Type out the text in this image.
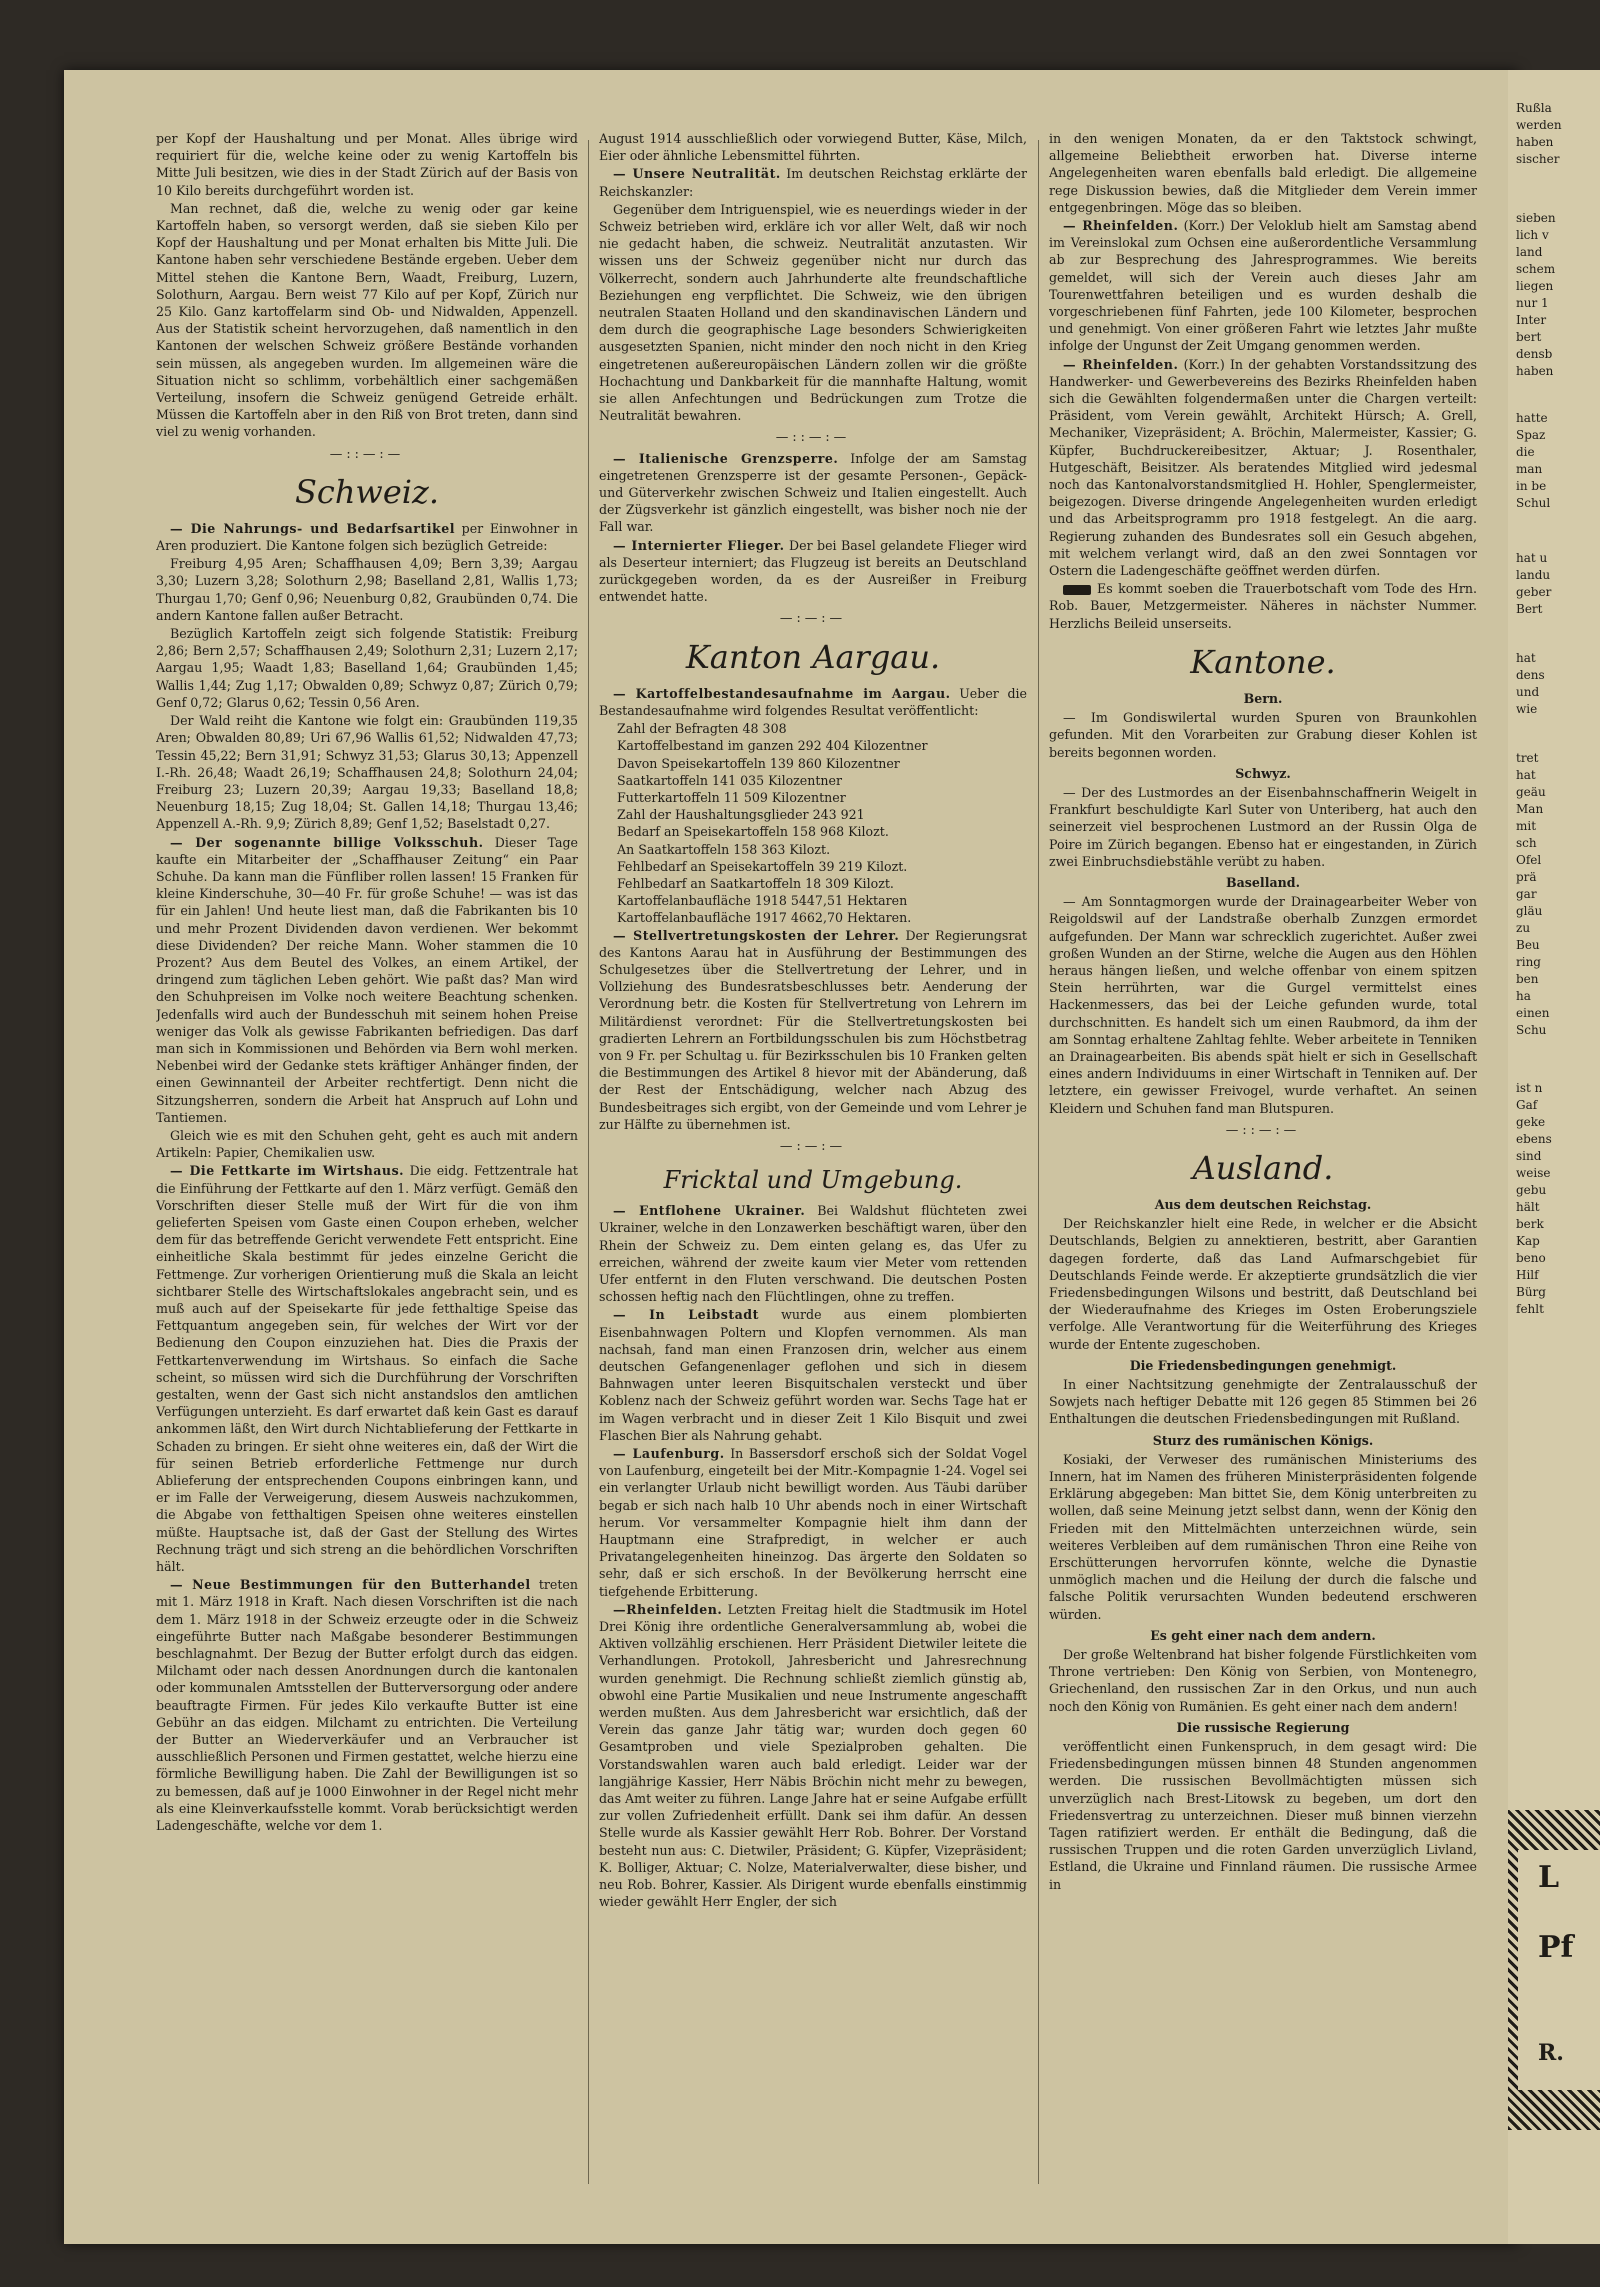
per Kopf der Haushaltung und per Monat. Alles übrige wird requiriert für die, welche keine oder zu wenig Kartoffeln bis Mitte Juli besitzen, wie dies in der Stadt Zürich auf der Basis von 10 Kilo bereits durchgeführt worden ist.

Man rechnet, daß die, welche zu wenig oder gar keine Kartoffeln haben, so versorgt werden, daß sie sieben Kilo per Kopf der Haushaltung und per Monat erhalten bis Mitte Juli. Die Kantone haben sehr verschiedene Bestände ergeben. Ueber dem Mittel stehen die Kantone Bern, Waadt, Freiburg, Luzern, Solothurn, Aargau. Bern weist 77 Kilo auf per Kopf, Zürich nur 25 Kilo. Ganz kartoffelarm sind Ob- und Nidwalden, Appenzell. Aus der Statistik scheint hervorzugehen, daß namentlich in den Kantonen der welschen Schweiz größere Bestände vorhanden sein müssen, als angegeben wurden. Im allgemeinen wäre die Situation nicht so schlimm, vorbehältlich einer sachgemäßen Verteilung, insofern die Schweiz genügend Getreide erhält. Müssen die Kartoffeln aber in den Riß von Brot treten, dann sind viel zu wenig vorhanden.

—::—:—
Schweiz.

— Die Nahrungs- und Bedarfsartikel per Einwohner in Aren produziert. Die Kantone folgen sich bezüglich Getreide:

Freiburg 4,95 Aren; Schaffhausen 4,09; Bern 3,39; Aargau 3,30; Luzern 3,28; Solothurn 2,98; Baselland 2,81, Wallis 1,73; Thurgau 1,70; Genf 0,96; Neuenburg 0,82, Graubünden 0,74. Die andern Kantone fallen außer Betracht.

Bezüglich Kartoffeln zeigt sich folgende Statistik: Freiburg 2,86; Bern 2,57; Schaffhausen 2,49; Solothurn 2,31; Luzern 2,17; Aargau 1,95; Waadt 1,83; Baselland 1,64; Graubünden 1,45; Wallis 1,44; Zug 1,17; Obwalden 0,89; Schwyz 0,87; Zürich 0,79; Genf 0,72; Glarus 0,62; Tessin 0,56 Aren.

Der Wald reiht die Kantone wie folgt ein: Graubünden 119,35 Aren; Obwalden 80,89; Uri 67,96 Wallis 61,52; Nidwalden 47,73; Tessin 45,22; Bern 31,91; Schwyz 31,53; Glarus 30,13; Appenzell I.-Rh. 26,48; Waadt 26,19; Schaffhausen 24,8; Solothurn 24,04; Freiburg 23; Luzern 20,39; Aargau 19,33; Baselland 18,8; Neuenburg 18,15; Zug 18,04; St. Gallen 14,18; Thurgau 13,46; Appenzell A.-Rh. 9,9; Zürich 8,89; Genf 1,52; Baselstadt 0,27.

— Der sogenannte billige Volksschuh. Dieser Tage kaufte ein Mitarbeiter der „Schaffhauser Zeitung“ ein Paar Schuhe. Da kann man die Fünfliber rollen lassen! 15 Franken für kleine Kinderschuhe, 30—40 Fr. für große Schuhe! — was ist das für ein Jahlen! Und heute liest man, daß die Fabrikanten bis 10 und mehr Prozent Dividenden davon verdienen. Wer bekommt diese Dividenden? Der reiche Mann. Woher stammen die 10 Prozent? Aus dem Beutel des Volkes, an einem Artikel, der dringend zum täglichen Leben gehört. Wie paßt das? Man wird den Schuhpreisen im Volke noch weitere Beachtung schenken. Jedenfalls wird auch der Bundesschuh mit seinem hohen Preise weniger das Volk als gewisse Fabrikanten befriedigen. Das darf man sich in Kommissionen und Behörden via Bern wohl merken. Nebenbei wird der Gedanke stets kräftiger Anhänger finden, der einen Gewinnanteil der Arbeiter rechtfertigt. Denn nicht die Sitzungsherren, sondern die Arbeit hat Anspruch auf Lohn und Tantiemen.

Gleich wie es mit den Schuhen geht, geht es auch mit andern Artikeln: Papier, Chemikalien usw.

— Die Fettkarte im Wirtshaus. Die eidg. Fettzentrale hat die Einführung der Fettkarte auf den 1. März verfügt. Gemäß den Vorschriften dieser Stelle muß der Wirt für die von ihm gelieferten Speisen vom Gaste einen Coupon erheben, welcher dem für das betreffende Gericht verwendete Fett entspricht. Eine einheitliche Skala bestimmt für jedes einzelne Gericht die Fettmenge. Zur vorherigen Orientierung muß die Skala an leicht sichtbarer Stelle des Wirtschaftslokales angebracht sein, und es muß auch auf der Speisekarte für jede fetthaltige Speise das Fettquantum angegeben sein, für welches der Wirt vor der Bedienung den Coupon einzuziehen hat. Dies die Praxis der Fettkartenverwendung im Wirtshaus. So einfach die Sache scheint, so müssen wird sich die Durchführung der Vorschriften gestalten, wenn der Gast sich nicht anstandslos den amtlichen Verfügungen unterzieht. Es darf erwartet daß kein Gast es darauf ankommen läßt, den Wirt durch Nichtablieferung der Fettkarte in Schaden zu bringen. Er sieht ohne weiteres ein, daß der Wirt die für seinen Betrieb erforderliche Fettmenge nur durch Ablieferung der entsprechenden Coupons einbringen kann, und er im Falle der Verweigerung, diesem Ausweis nachzukommen, die Abgabe von fetthaltigen Speisen ohne weiteres einstellen müßte. Hauptsache ist, daß der Gast der Stellung des Wirtes Rechnung trägt und sich streng an die behördlichen Vorschriften hält.

— Neue Bestimmungen für den Butterhandel treten mit 1. März 1918 in Kraft. Nach diesen Vorschriften ist die nach dem 1. März 1918 in der Schweiz erzeugte oder in die Schweiz eingeführte Butter nach Maßgabe besonderer Bestimmungen beschlagnahmt. Der Bezug der Butter erfolgt durch das eidgen. Milchamt oder nach dessen Anordnungen durch die kantonalen oder kommunalen Amtsstellen der Butterversorgung oder andere beauftragte Firmen. Für jedes Kilo verkaufte Butter ist eine Gebühr an das eidgen. Milchamt zu entrichten. Die Verteilung der Butter an Wiederverkäufer und an Verbraucher ist ausschließlich Personen und Firmen gestattet, welche hierzu eine förmliche Bewilligung haben. Die Zahl der Bewilligungen ist so zu bemessen, daß auf je 1000 Einwohner in der Regel nicht mehr als eine Kleinverkaufsstelle kommt. Vorab berücksichtigt werden Ladengeschäfte, welche vor dem 1.

August 1914 ausschließlich oder vorwiegend Butter, Käse, Milch, Eier oder ähnliche Lebensmittel führten.

— Unsere Neutralität. Im deutschen Reichstag erklärte der Reichskanzler:

Gegenüber dem Intriguenspiel, wie es neuerdings wieder in der Schweiz betrieben wird, erkläre ich vor aller Welt, daß wir noch nie gedacht haben, die schweiz. Neutralität anzutasten. Wir wissen uns der Schweiz gegenüber nicht nur durch das Völkerrecht, sondern auch Jahrhunderte alte freundschaftliche Beziehungen eng verpflichtet. Die Schweiz, wie den übrigen neutralen Staaten Holland und den skandinavischen Ländern und dem durch die geographische Lage besonders Schwierigkeiten ausgesetzten Spanien, nicht minder den noch nicht in den Krieg eingetretenen außereuropäischen Ländern zollen wir die größte Hochachtung und Dankbarkeit für die mannhafte Haltung, womit sie allen Anfechtungen und Bedrückungen zum Trotze die Neutralität bewahren.

—::—:—

— Italienische Grenzsperre. Infolge der am Samstag eingetretenen Grenzsperre ist der gesamte Personen-, Gepäck- und Güterverkehr zwischen Schweiz und Italien eingestellt. Auch der Zügsverkehr ist gänzlich eingestellt, was bisher noch nie der Fall war.

— Internierter Flieger. Der bei Basel gelandete Flieger wird als Deserteur interniert; das Flugzeug ist bereits an Deutschland zurückgegeben worden, da es der Ausreißer in Freiburg entwendet hatte.

—:—:—
Kanton Aargau.

— Kartoffelbestandesaufnahme im Aargau. Ueber die Bestandesaufnahme wird folgendes Resultat veröffentlicht:

Zahl der Befragten 48 308

Kartoffelbestand im ganzen 292 404 Kilozentner

Davon Speisekartoffeln 139 860 Kilozentner

Saatkartoffeln 141 035 Kilozentner

Futterkartoffeln 11 509 Kilozentner

Zahl der Haushaltungsglieder 243 921

Bedarf an Speisekartoffeln 158 968 Kilozt.

An Saatkartoffeln 158 363 Kilozt.

Fehlbedarf an Speisekartoffeln 39 219 Kilozt.

Fehlbedarf an Saatkartoffeln 18 309 Kilozt.

Kartoffelanbaufläche 1918 5447,51 Hektaren

Kartoffelanbaufläche 1917 4662,70 Hektaren.

— Stellvertretungskosten der Lehrer. Der Regierungsrat des Kantons Aarau hat in Ausführung der Bestimmungen des Schulgesetzes über die Stellvertretung der Lehrer, und in Vollziehung des Bundesratsbeschlusses betr. Aenderung der Verordnung betr. die Kosten für Stellvertretung von Lehrern im Militärdienst verordnet: Für die Stellvertretungskosten bei gradierten Lehrern an Fortbildungsschulen bis zum Höchstbetrag von 9 Fr. per Schultag u. für Bezirksschulen bis 10 Franken gelten die Bestimmungen des Artikel 8 hievor mit der Abänderung, daß der Rest der Entschädigung, welcher nach Abzug des Bundesbeitrages sich ergibt, von der Gemeinde und vom Lehrer je zur Hälfte zu übernehmen ist.

—:—:—
Fricktal und Umgebung.

— Entflohene Ukrainer. Bei Waldshut flüchteten zwei Ukrainer, welche in den Lonzawerken beschäftigt waren, über den Rhein der Schweiz zu. Dem einten gelang es, das Ufer zu erreichen, während der zweite kaum vier Meter vom rettenden Ufer entfernt in den Fluten verschwand. Die deutschen Posten schossen heftig nach den Flüchtlingen, ohne zu treffen.

— In Leibstadt wurde aus einem plombierten Eisenbahnwagen Poltern und Klopfen vernommen. Als man nachsah, fand man einen Franzosen drin, welcher aus einem deutschen Gefangenenlager geflohen und sich in diesem Bahnwagen unter leeren Bisquitschalen versteckt und über Koblenz nach der Schweiz geführt worden war. Sechs Tage hat er im Wagen verbracht und in dieser Zeit 1 Kilo Bisquit und zwei Flaschen Bier als Nahrung gehabt.

— Laufenburg. In Bassersdorf erschoß sich der Soldat Vogel von Laufenburg, eingeteilt bei der Mitr.-Kompagnie 1-24. Vogel sei ein verlangter Urlaub nicht bewilligt worden. Aus Täubi darüber begab er sich nach halb 10 Uhr abends noch in einer Wirtschaft herum. Vor versammelter Kompagnie hielt ihm dann der Hauptmann eine Strafpredigt, in welcher er auch Privatangelegenheiten hineinzog. Das ärgerte den Soldaten so sehr, daß er sich erschoß. In der Bevölkerung herrscht eine tiefgehende Erbitterung.

—Rheinfelden. Letzten Freitag hielt die Stadtmusik im Hotel Drei König ihre ordentliche Generalversammlung ab, wobei die Aktiven vollzählig erschienen. Herr Präsident Dietwiler leitete die Verhandlungen. Protokoll, Jahresbericht und Jahresrechnung wurden genehmigt. Die Rechnung schließt ziemlich günstig ab, obwohl eine Partie Musikalien und neue Instrumente angeschafft werden mußten. Aus dem Jahresbericht war ersichtlich, daß der Verein das ganze Jahr tätig war; wurden doch gegen 60 Gesamtproben und viele Spezialproben gehalten. Die Vorstandswahlen waren auch bald erledigt. Leider war der langjährige Kassier, Herr Näbis Bröchin nicht mehr zu bewegen, das Amt weiter zu führen. Lange Jahre hat er seine Aufgabe erfüllt zur vollen Zufriedenheit erfüllt. Dank sei ihm dafür. An dessen Stelle wurde als Kassier gewählt Herr Rob. Bohrer. Der Vorstand besteht nun aus: C. Dietwiler, Präsident; G. Küpfer, Vizepräsident; K. Bolliger, Aktuar; C. Nolze, Materialverwalter, diese bisher, und neu Rob. Bohrer, Kassier. Als Dirigent wurde ebenfalls einstimmig wieder gewählt Herr Engler, der sich

in den wenigen Monaten, da er den Taktstock schwingt, allgemeine Beliebtheit erworben hat. Diverse interne Angelegenheiten waren ebenfalls bald erledigt. Die allgemeine rege Diskussion bewies, daß die Mitglieder dem Verein immer entgegenbringen. Möge das so bleiben.

— Rheinfelden. (Korr.) Der Veloklub hielt am Samstag abend im Vereinslokal zum Ochsen eine außerordentliche Versammlung ab zur Besprechung des Jahresprogrammes. Wie bereits gemeldet, will sich der Verein auch dieses Jahr am Tourenwettfahren beteiligen und es wurden deshalb die vorgeschriebenen fünf Fahrten, jede 100 Kilometer, besprochen und genehmigt. Von einer größeren Fahrt wie letztes Jahr mußte infolge der Ungunst der Zeit Umgang genommen werden.

— Rheinfelden. (Korr.) In der gehabten Vorstandssitzung des Handwerker- und Gewerbevereins des Bezirks Rheinfelden haben sich die Gewählten folgendermaßen unter die Chargen verteilt: Präsident, vom Verein gewählt, Architekt Hürsch; A. Grell, Mechaniker, Vizepräsident; A. Bröchin, Malermeister, Kassier; G. Küpfer, Buchdruckereibesitzer, Aktuar; J. Rosenthaler, Hutgeschäft, Beisitzer. Als beratendes Mitglied wird jedesmal noch das Kantonalvorstandsmitglied H. Hohler, Spenglermeister, beigezogen. Diverse dringende Angelegenheiten wurden erledigt und das Arbeitsprogramm pro 1918 festgelegt. An die aarg. Regierung zuhanden des Bundesrates soll ein Gesuch abgehen, mit welchem verlangt wird, daß an den zwei Sonntagen vor Ostern die Ladengeschäfte geöffnet werden dürfen.

Es kommt soeben die Trauerbotschaft vom Tode des Hrn. Rob. Bauer, Metzgermeister. Näheres in nächster Nummer. Herzlichs Beileid unserseits.

Kantone.
Bern.

— Im Gondiswilertal wurden Spuren von Braunkohlen gefunden. Mit den Vorarbeiten zur Grabung dieser Kohlen ist bereits begonnen worden.

Schwyz.

— Der des Lustmordes an der Eisenbahnschaffnerin Weigelt in Frankfurt beschuldigte Karl Suter von Unteriberg, hat auch den seinerzeit viel besprochenen Lustmord an der Russin Olga de Poire im Zürich begangen. Ebenso hat er eingestanden, in Zürich zwei Einbruchsdiebstähle verübt zu haben.

Baselland.

— Am Sonntagmorgen wurde der Drainagearbeiter Weber von Reigoldswil auf der Landstraße oberhalb Zunzgen ermordet aufgefunden. Der Mann war schrecklich zugerichtet. Außer zwei großen Wunden an der Stirne, welche die Augen aus den Höhlen heraus hängen ließen, und welche offenbar von einem spitzen Stein herrührten, war die Gurgel vermittelst eines Hackenmessers, das bei der Leiche gefunden wurde, total durchschnitten. Es handelt sich um einen Raubmord, da ihm der am Sonntag erhaltene Zahltag fehlte. Weber arbeitete in Tenniken an Drainagearbeiten. Bis abends spät hielt er sich in Gesellschaft eines andern Individuums in einer Wirtschaft in Tenniken auf. Der letztere, ein gewisser Freivogel, wurde verhaftet. An seinen Kleidern und Schuhen fand man Blutspuren.

—::—:—
Ausland.
Aus dem deutschen Reichstag.

Der Reichskanzler hielt eine Rede, in welcher er die Absicht Deutschlands, Belgien zu annektieren, bestritt, aber Garantien dagegen forderte, daß das Land Aufmarschgebiet für Deutschlands Feinde werde. Er akzeptierte grundsätzlich die vier Friedensbedingungen Wilsons und bestritt, daß Deutschland bei der Wiederaufnahme des Krieges im Osten Eroberungsziele verfolge. Alle Verantwortung für die Weiterführung des Krieges wurde der Entente zugeschoben.

Die Friedensbedingungen genehmigt.

In einer Nachtsitzung genehmigte der Zentralausschuß der Sowjets nach heftiger Debatte mit 126 gegen 85 Stimmen bei 26 Enthaltungen die deutschen Friedensbedingungen mit Rußland.

Sturz des rumänischen Königs.

Kosiaki, der Verweser des rumänischen Ministeriums des Innern, hat im Namen des früheren Ministerpräsidenten folgende Erklärung abgegeben: Man bittet Sie, dem König unterbreiten zu wollen, daß seine Meinung jetzt selbst dann, wenn der König den Frieden mit den Mittelmächten unterzeichnen würde, sein weiteres Verbleiben auf dem rumänischen Thron eine Reihe von Erschütterungen hervorrufen könnte, welche die Dynastie unmöglich machen und die Heilung der durch die falsche und falsche Politik verursachten Wunden bedeutend erschweren würden.

Es geht einer nach dem andern.

Der große Weltenbrand hat bisher folgende Fürstlichkeiten vom Throne vertrieben: Den König von Serbien, von Montenegro, Griechenland, den russischen Zar in den Orkus, und nun auch noch den König von Rumänien. Es geht einer nach dem andern!

Die russische Regierung

veröffentlicht einen Funkenspruch, in dem gesagt wird: Die Friedensbedingungen müssen binnen 48 Stunden angenommen werden. Die russischen Bevollmächtigten müssen sich unverzüglich nach Brest-Litowsk zu begeben, um dort den Friedensvertrag zu unterzeichnen. Dieser muß binnen vierzehn Tagen ratifiziert werden. Er enthält die Bedingung, daß die russischen Truppen und die roten Garden unverzüglich Livland, Estland, die Ukraine und Finnland räumen. Die russische Armee in

Rußla
werden
haben
sischer
sieben
lich v
land
schem
liegen
nur 1
Inter
bert
densb
haben
hatte
Spaz
die
man
in be
Schul
hat u
landu
geber
Bert
hat
dens
und
wie
tret
hat
geäu
Man
mit
sch
Ofel
prä
gar
gläu
zu
Beu
ring
ben
ha
einen
Schu
ist n
Gaf
geke
ebens
sind
weise
gebu
hält
berk
Kap
beno
Hilf
Bürg
fehlt
L
Pf
R.
